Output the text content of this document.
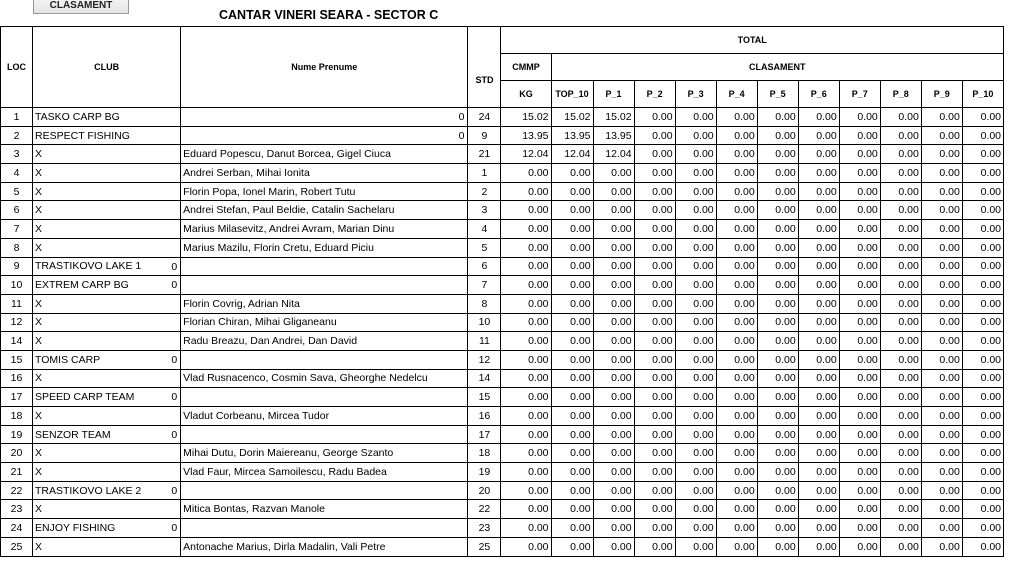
CLASAMENT
CANTAR VINERI SEARA - SECTOR C
LOC	CLUB	Nume Prenume		TOTAL											
			STD	CMMP	CLASAMENT										
				KG	TOP_10	P_1	P_2	P_3	P_4	P_5	P_6	P_7	P_8	P_9	P_10
1	TASKO CARP BG	0	24	15.02	15.02	15.02	0.00	0.00	0.00	0.00	0.00	0.00	0.00	0.00	0.00
2	RESPECT FISHING	0	9	13.95	13.95	13.95	0.00	0.00	0.00	0.00	0.00	0.00	0.00	0.00	0.00
3	X	Eduard Popescu, Danut Borcea, Gigel Ciuca	21	12.04	12.04	12.04	0.00	0.00	0.00	0.00	0.00	0.00	0.00	0.00	0.00
4	X	Andrei Serban, Mihai Ionita	1	0.00	0.00	0.00	0.00	0.00	0.00	0.00	0.00	0.00	0.00	0.00	0.00
5	X	Florin Popa, Ionel Marin, Robert Tutu	2	0.00	0.00	0.00	0.00	0.00	0.00	0.00	0.00	0.00	0.00	0.00	0.00
6	X	Andrei Stefan, Paul Beldie, Catalin Sachelaru	3	0.00	0.00	0.00	0.00	0.00	0.00	0.00	0.00	0.00	0.00	0.00	0.00
7	X	Marius Milasevitz, Andrei Avram, Marian Dinu	4	0.00	0.00	0.00	0.00	0.00	0.00	0.00	0.00	0.00	0.00	0.00	0.00
8	X	Marius Mazilu, Florin Cretu, Eduard Piciu	5	0.00	0.00	0.00	0.00	0.00	0.00	0.00	0.00	0.00	0.00	0.00	0.00
9	TRASTIKOVO LAKE 1 0		6	0.00	0.00	0.00	0.00	0.00	0.00	0.00	0.00	0.00	0.00	0.00	0.00
10	EXTREM CARP BG 0		7	0.00	0.00	0.00	0.00	0.00	0.00	0.00	0.00	0.00	0.00	0.00	0.00
11	X	Florin Covrig, Adrian Nita	8	0.00	0.00	0.00	0.00	0.00	0.00	0.00	0.00	0.00	0.00	0.00	0.00
12	X	Florian Chiran, Mihai Gliganeanu	10	0.00	0.00	0.00	0.00	0.00	0.00	0.00	0.00	0.00	0.00	0.00	0.00
14	X	Radu Breazu, Dan Andrei, Dan David	11	0.00	0.00	0.00	0.00	0.00	0.00	0.00	0.00	0.00	0.00	0.00	0.00
15	TOMIS CARP 0		12	0.00	0.00	0.00	0.00	0.00	0.00	0.00	0.00	0.00	0.00	0.00	0.00
16	X	Vlad Rusnacenco, Cosmin Sava, Gheorghe Nedelcu	14	0.00	0.00	0.00	0.00	0.00	0.00	0.00	0.00	0.00	0.00	0.00	0.00
17	SPEED CARP TEAM 0		15	0.00	0.00	0.00	0.00	0.00	0.00	0.00	0.00	0.00	0.00	0.00	0.00
18	X	Vladut Corbeanu, Mircea Tudor	16	0.00	0.00	0.00	0.00	0.00	0.00	0.00	0.00	0.00	0.00	0.00	0.00
19	SENZOR TEAM 0		17	0.00	0.00	0.00	0.00	0.00	0.00	0.00	0.00	0.00	0.00	0.00	0.00
20	X	Mihai Dutu, Dorin Maiereanu, George Szanto	18	0.00	0.00	0.00	0.00	0.00	0.00	0.00	0.00	0.00	0.00	0.00	0.00
21	X	Vlad Faur, Mircea Samoilescu, Radu Badea	19	0.00	0.00	0.00	0.00	0.00	0.00	0.00	0.00	0.00	0.00	0.00	0.00
22	TRASTIKOVO LAKE 2 0		20	0.00	0.00	0.00	0.00	0.00	0.00	0.00	0.00	0.00	0.00	0.00	0.00
23	X	Mitica Bontas, Razvan Manole	22	0.00	0.00	0.00	0.00	0.00	0.00	0.00	0.00	0.00	0.00	0.00	0.00
24	ENJOY FISHING 0		23	0.00	0.00	0.00	0.00	0.00	0.00	0.00	0.00	0.00	0.00	0.00	0.00
25	X	Antonache Marius, Dirla Madalin, Vali Petre	25	0.00	0.00	0.00	0.00	0.00	0.00	0.00	0.00	0.00	0.00	0.00	0.00
